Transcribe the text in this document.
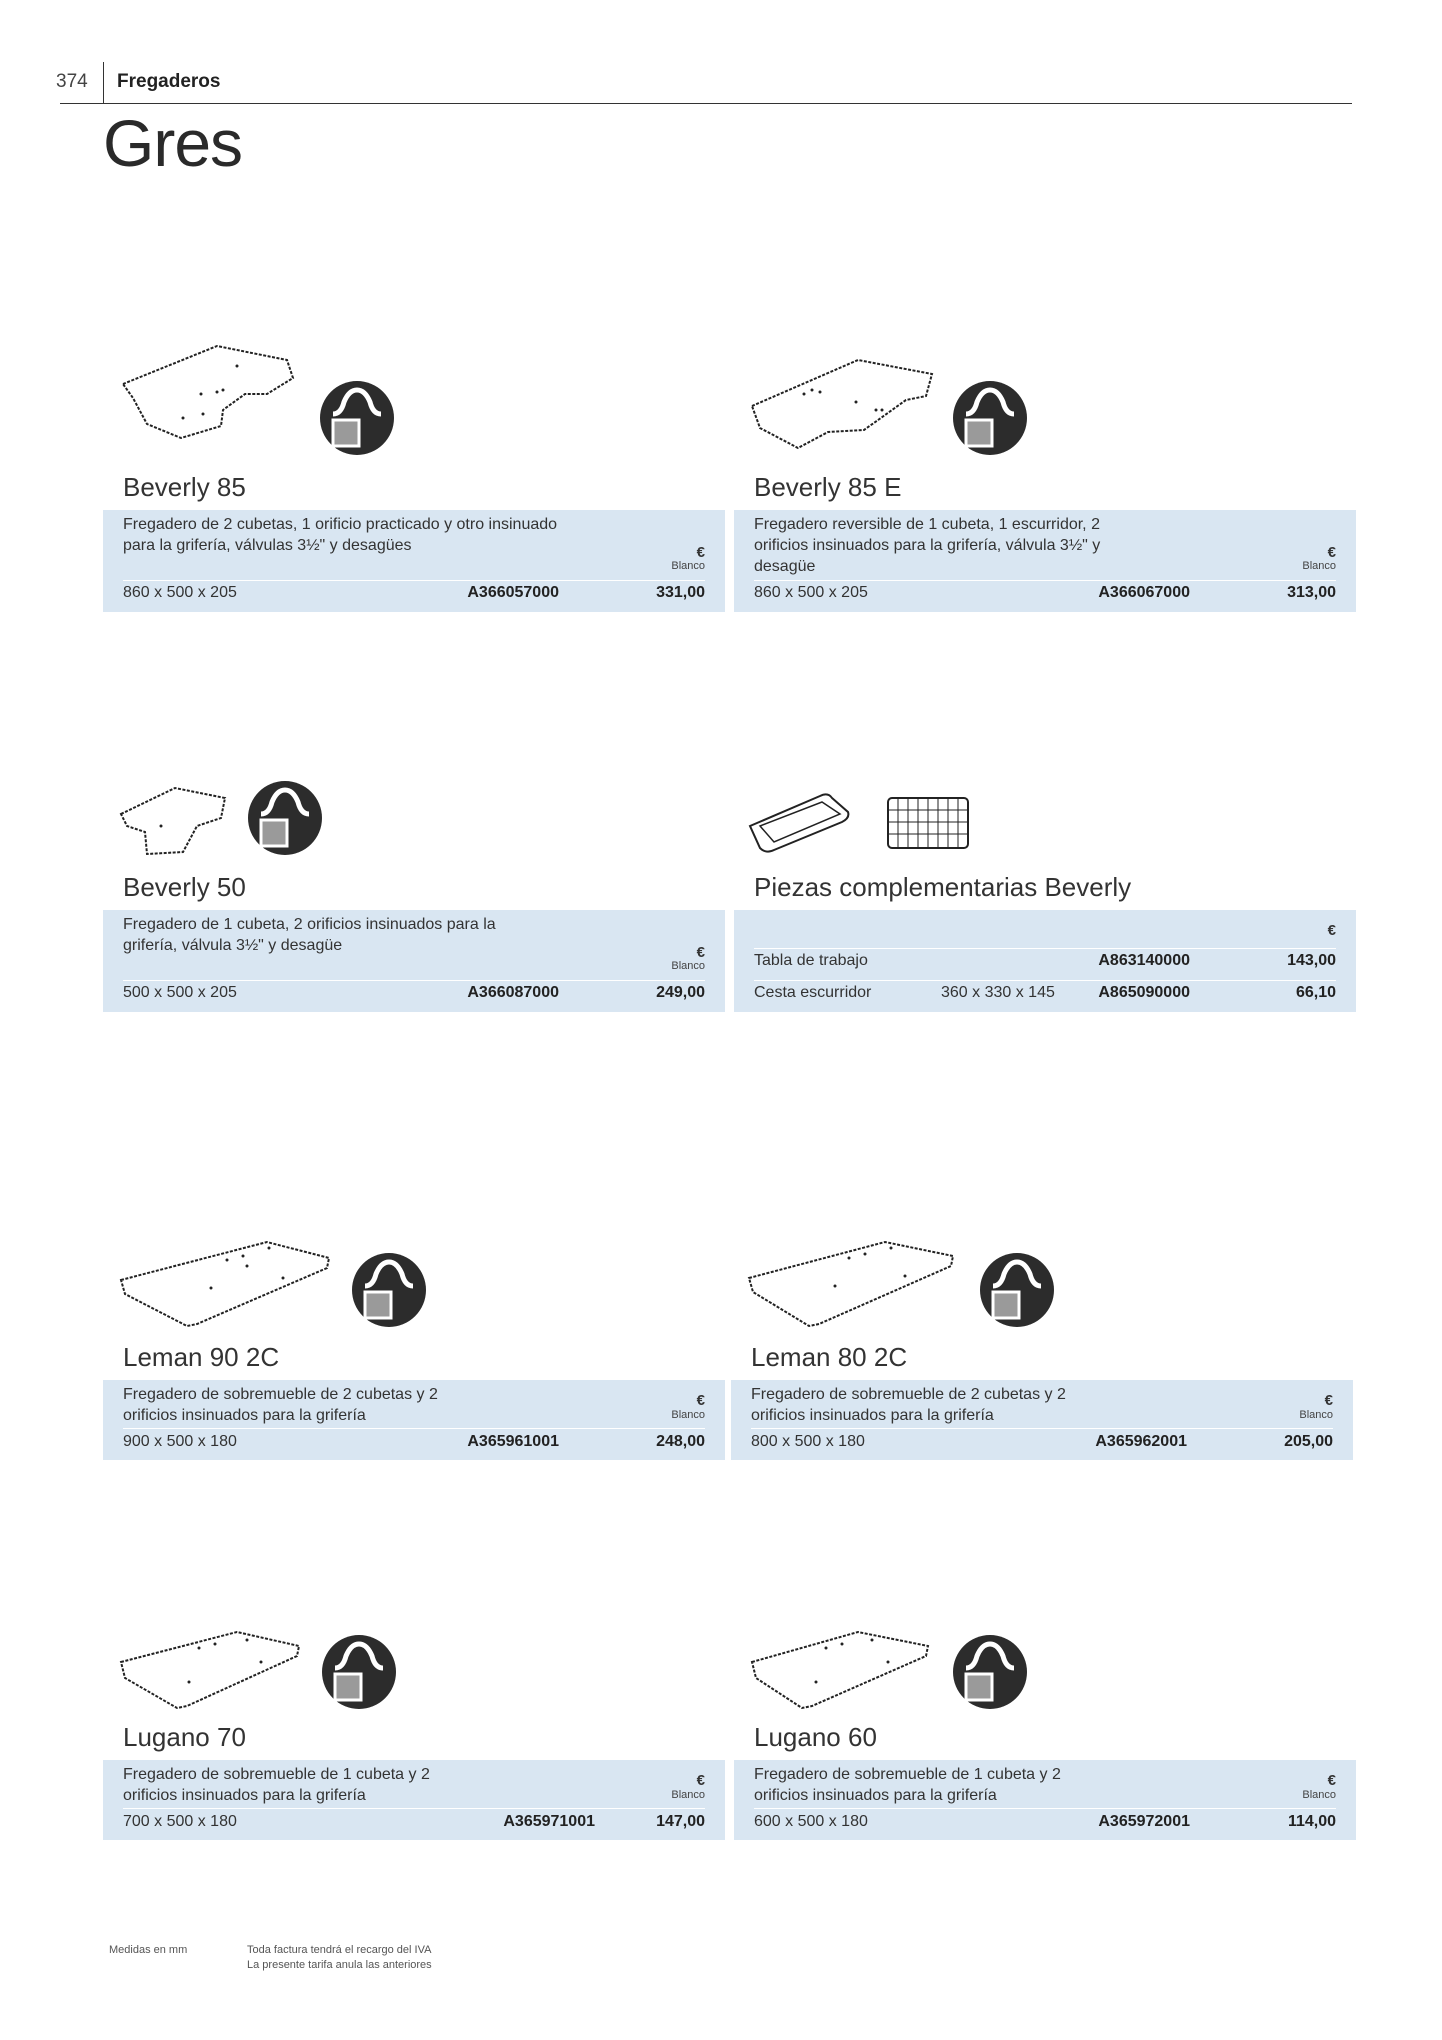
374 Fregaderos
Gres
Beverly 85
Fregadero de 2 cubetas, 1 orificio practicado y otro insinuado para la grifería, válvulas 3½" y desagües	€
Blanco
860 x 500 x 205	A366057000	331,00
Beverly 85 E
Fregadero reversible de 1 cubeta, 1 escurridor, 2 orificios insinuados para la grifería, válvula 3½" y desagüe
€
Blanco
860 x 500 x 205	A366067000	313,00
Beverly 50
Fregadero de 1 cubeta, 2 orificios insinuados para la grifería, válvula 3½" y desagüe	€
Blanco
500 x 500 x 205	A366087000	249,00
Piezas complementarias Beverly
€
Tabla de trabajo	A863140000	143,00
Cesta escurridor	360 x 330 x 145	A865090000	66,10
Leman 90 2C
Fregadero de sobremueble de 2 cubetas y 2 orificios insinuados para la grifería
€
Blanco
900 x 500 x 180	A365961001	248,00
Leman 80 2C
Fregadero de sobremueble de 2 cubetas y 2 orificios insinuados para la grifería
€
Blanco
800 x 500 x 180	A365962001	205,00
Lugano 70
Fregadero de sobremueble de 1 cubeta y 2 orificios insinuados para la grifería
€
Blanco
700 x 500 x 180	A365971001	147,00
Lugano 60
Fregadero de sobremueble de 1 cubeta y 2 orificios insinuados para la grifería
€
Blanco
600 x 500 x 180	A365972001	114,00
Medidas en mm	Toda factura tendrá el recargo del IVA
La presente tarifa anula las anteriores
